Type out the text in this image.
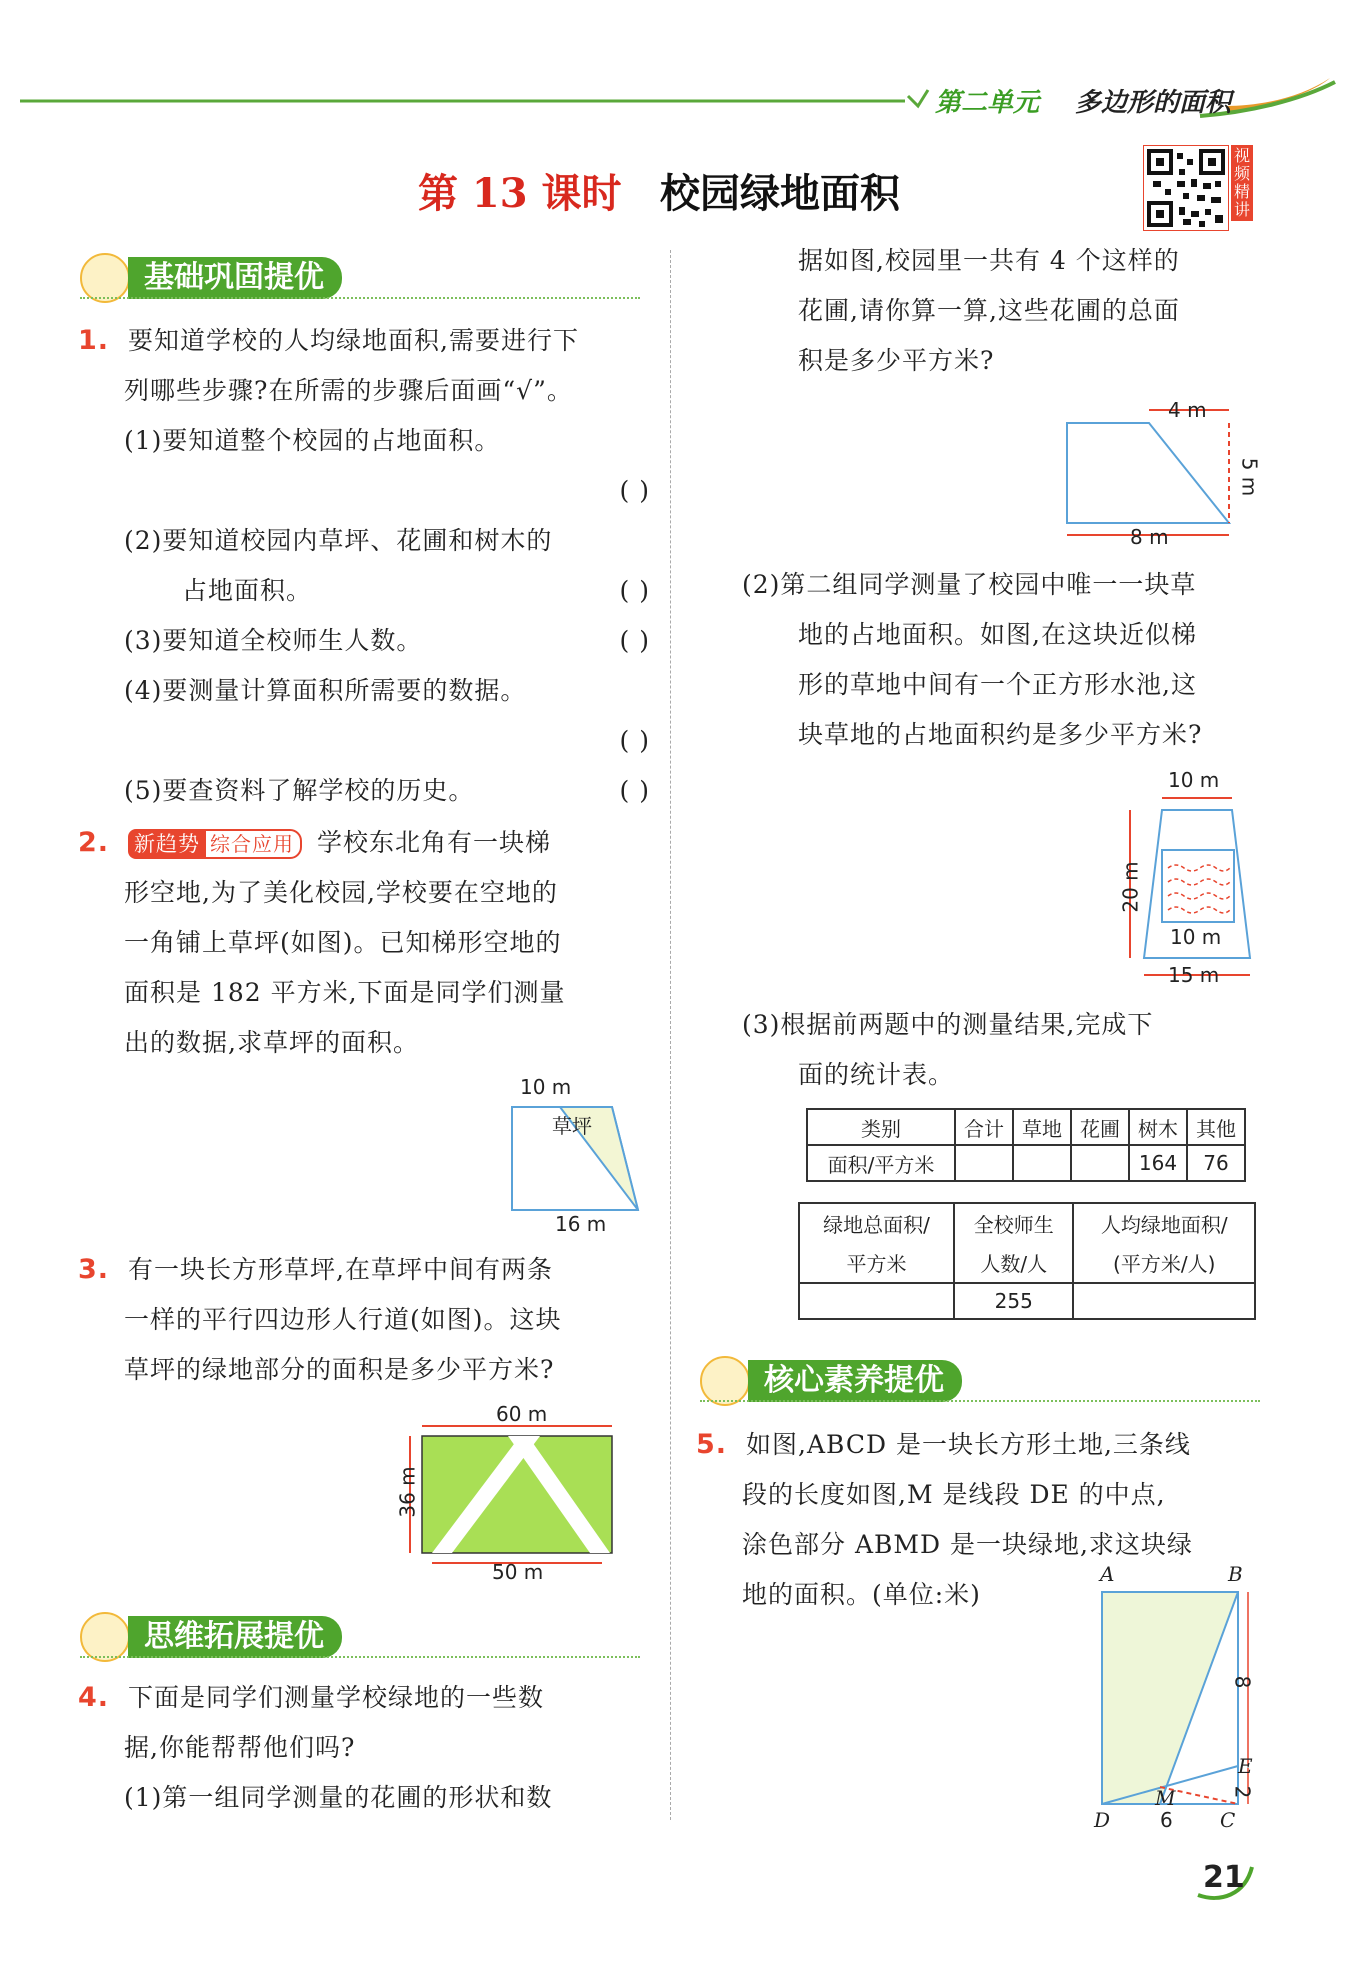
第二单元 多边形的面积
第 13 课时 校园绿地面积
视频精讲
基础巩固提优
1. 要知道学校的人均绿地面积,需要进行下
列哪些步骤?在所需的步骤后面画“√”。
(1)要知道整个校园的占地面积。
( )
(2)要知道校园内草坪、花圃和树木的
占地面积。	( )
(3)要知道全校师生人数。	( )
(4)要测量计算面积所需要的数据。
( )
(5)要查资料了解学校的历史。	( )
2. 新趋势 综合应用 学校东北角有一块梯
形空地,为了美化校园,学校要在空地的
一角铺上草坪(如图)。已知梯形空地的
面积是 182 平方米,下面是同学们测量
出的数据,求草坪的面积。
10 m
草坪
16 m
3. 有一块长方形草坪,在草坪中间有两条
一样的平行四边形人行道(如图)。这块
草坪的绿地部分的面积是多少平方米?
60 m
36 m
50 m
思维拓展提优
4. 下面是同学们测量学校绿地的一些数
据,你能帮帮他们吗?
(1)第一组同学测量的花圃的形状和数
据如图,校园里一共有 4 个这样的
花圃,请你算一算,这些花圃的总面
积是多少平方米?
4 m
5 m
8 m
(2)第二组同学测量了校园中唯一一块草
地的占地面积。如图,在这块近似梯
形的草地中间有一个正方形水池,这
块草地的占地面积约是多少平方米?
10 m
20 m
10 m
15 m
(3)根据前两题中的测量结果,完成下
面的统计表。
类别	合计	草地	花圃	树木	其他
面积/平方米				164	76
绿地总面积/	全校师生	人均绿地面积/
平方米	人数/人	(平方米/人)
	255	
核心素养提优
5. 如图,ABCD 是一块长方形土地,三条线
段的长度如图,M 是线段 DE 的中点,
涂色部分 ABMD 是一块绿地,求这块绿
地的面积。(单位:米)
A	B
E
M
D	C
8
2
6
21
